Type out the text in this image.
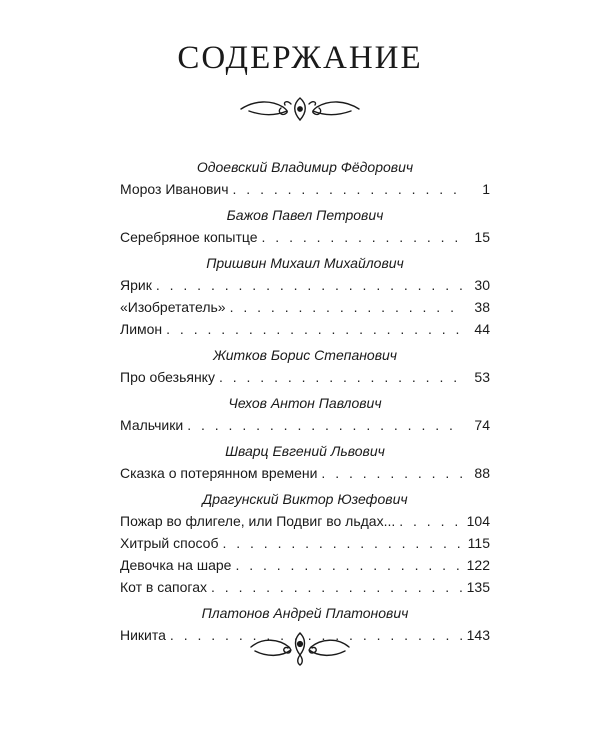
СОДЕРЖАНИЕ
Одоевский Владимир Фёдорович
Мороз Иванович . . .	1
Бажов Павел Петрович
Серебряное копытце . . .	15
Пришвин Михаил Михайлович
Ярик . . .	30
«Изобретатель» . . .	38
Лимон . . .	44
Житков Борис Степанович
Про обезьянку . . .	53
Чехов Антон Павлович
Мальчики . . .	74
Шварц Евгений Львович
Сказка о потерянном времени . . .	88
Драгунский Виктор Юзефович
Пожар во флигеле, или Подвиг во льдах... . . .	104
Хитрый способ . . .	115
Девочка на шаре . . .	122
Кот в сапогах . . .	135
Платонов Андрей Платонович
Никита . . .	143
